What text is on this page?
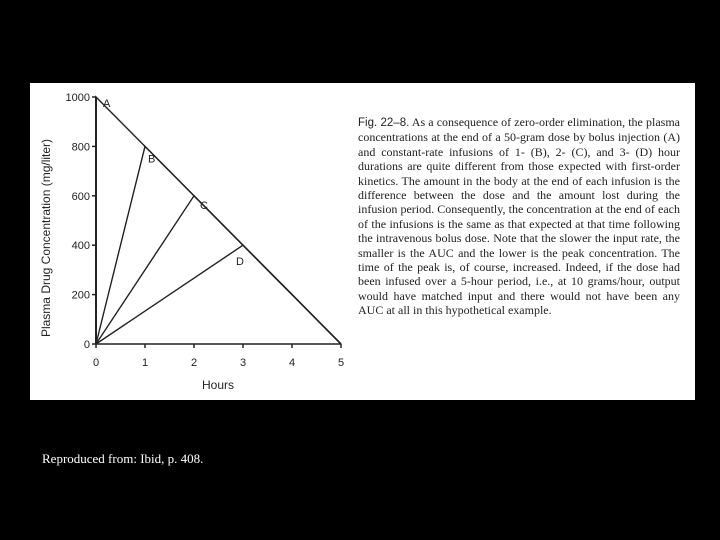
0
200
400
600
800
1000
0	1	2	3	4	5
A
B
C
D
Hours
Plasma Drug Concentration (mg/liter)
Fig. 22–8. As a consequence of zero-order elimination, the plasma concentrations at the end of a 50-gram dose by bolus injection (A) and constant-rate infusions of 1- (B), 2- (C), and 3- (D) hour durations are quite different from those expected with first-order kinetics. The amount in the body at the end of each infusion is the difference between the dose and the amount lost during the infusion period. Consequently, the concentration at the end of each of the infusions is the same as that expected at that time following the intravenous bolus dose. Note that the slower the input rate, the smaller is the AUC and the lower is the peak concentration. The time of the peak is, of course, increased. Indeed, if the dose had been infused over a 5-hour period, i.e., at 10 grams/hour, output would have matched input and there would not have been any AUC at all in this hypothetical example.
Reproduced from: Ibid, p. 408.
